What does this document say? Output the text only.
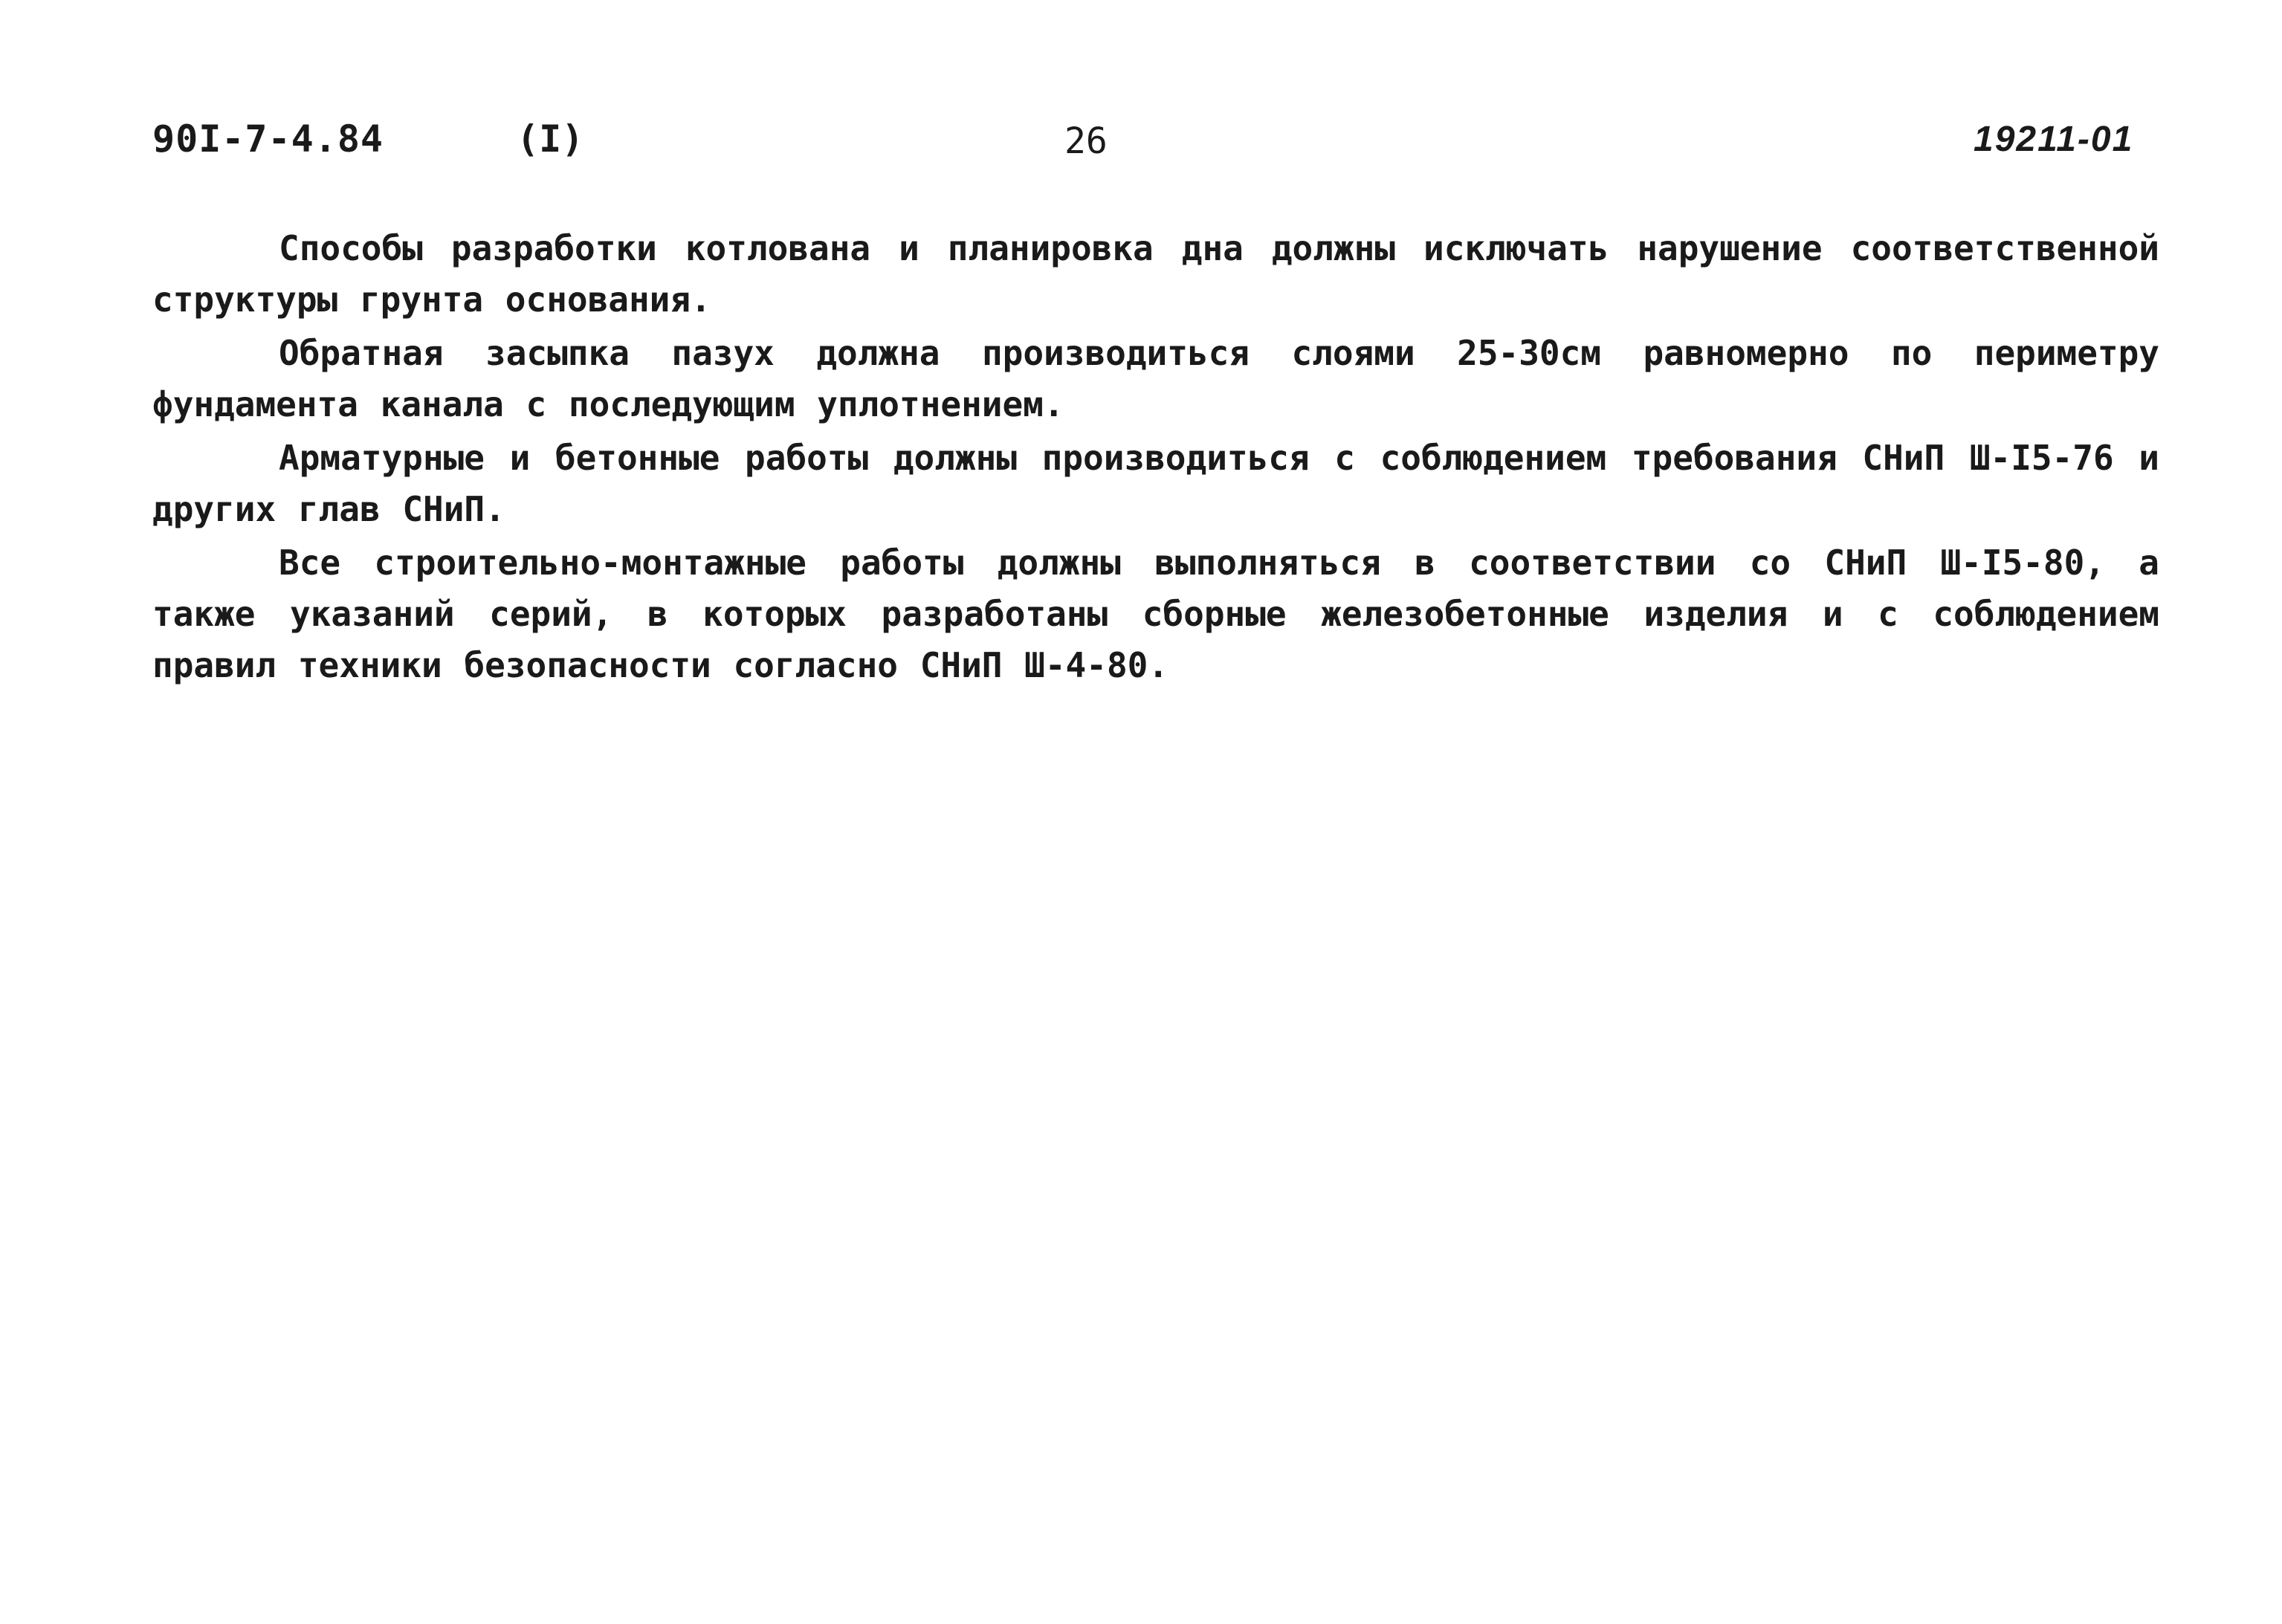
90I-7-4.84	(I)	26	19211-01

Способы разработки котлована и планировка дна должны исключать нарушение соответственной структуры грунта основания.

Обратная засыпка пазух должна производиться слоями 25-30см равномерно по периметру фундамента канала с последующим уплотнением.

Арматурные и бетонные работы должны производиться с соблюдением требования СНиП Ш-I5-76 и других глав СНиП.

Все строительно-монтажные работы должны выполняться в соответствии со СНиП Ш-I5-80, а также указаний серий, в которых разработаны сборные железобетонные изделия и с соблюдением правил техники безопасности согласно СНиП Ш-4-80.
